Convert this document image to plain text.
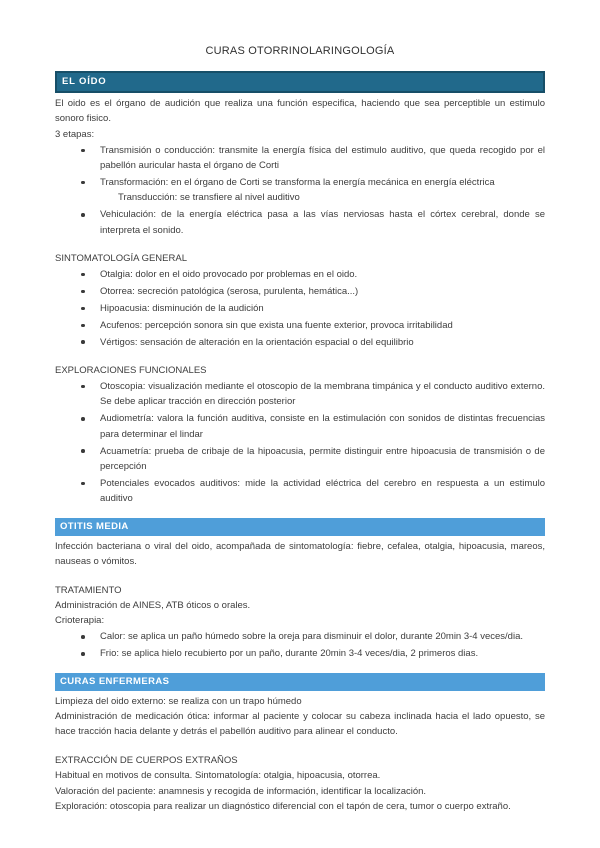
CURAS OTORRINOLARINGOLOGÍA
EL OÍDO

El oido es el órgano de audición que realiza una función especifica, haciendo que sea perceptible un estimulo sonoro fisico.

3 etapas:

Transmisión o conducción: transmite la energía física del estimulo auditivo, que queda recogido por el pabellón auricular hasta el órgano de Corti
Transformación: en el órgano de Corti se transforma la energía mecánica en energía eléctrica
Transducción: se transfiere al nivel auditivo
Vehiculación: de la energía eléctrica pasa a las vías nerviosas hasta el córtex cerebral, donde se interpreta el sonido.

SINTOMATOLOGÍA GENERAL

Otalgia: dolor en el oido provocado por problemas en el oido.
Otorrea: secreción patológica (serosa, purulenta, hemática...)
Hipoacusia: disminución de la audición
Acufenos: percepción sonora sin que exista una fuente exterior, provoca irritabilidad
Vértigos: sensación de alteración en la orientación espacial o del equilibrio

EXPLORACIONES FUNCIONALES

Otoscopia: visualización mediante el otoscopio de la membrana timpánica y el conducto auditivo externo. Se debe aplicar tracción en dirección posterior
Audiometría: valora la función auditiva, consiste en la estimulación con sonidos de distintas frecuencias para determinar el lindar
Acuametría: prueba de cribaje de la hipoacusia, permite distinguir entre hipoacusia de transmisión o de percepción
Potenciales evocados auditivos: mide la actividad eléctrica del cerebro en respuesta a un estimulo auditivo
OTITIS MEDIA

Infección bacteriana o viral del oido, acompañada de sintomatología: fiebre, cefalea, otalgia, hipoacusia, mareos, nauseas o vómitos.

TRATAMIENTO

Administración de AINES, ATB óticos o orales.

Crioterapia:

Calor: se aplica un paño húmedo sobre la oreja para disminuir el dolor, durante 20min 3-4 veces/dia.
Frio: se aplica hielo recubierto por un paño, durante 20min 3-4 veces/dia, 2 primeros dias.
CURAS ENFERMERAS

Limpieza del oido externo: se realiza con un trapo húmedo

Administración de medicación ótica: informar al paciente y colocar su cabeza inclinada hacia el lado opuesto, se hace tracción hacia delante y detrás el pabellón auditivo para alinear el conducto.

EXTRACCIÓN DE CUERPOS EXTRAÑOS

Habitual en motivos de consulta. Sintomatología: otalgia, hipoacusia, otorrea.

Valoración del paciente: anamnesis y recogida de información, identificar la localización.

Exploración: otoscopia para realizar un diagnóstico diferencial con el tapón de cera, tumor o cuerpo extraño.
